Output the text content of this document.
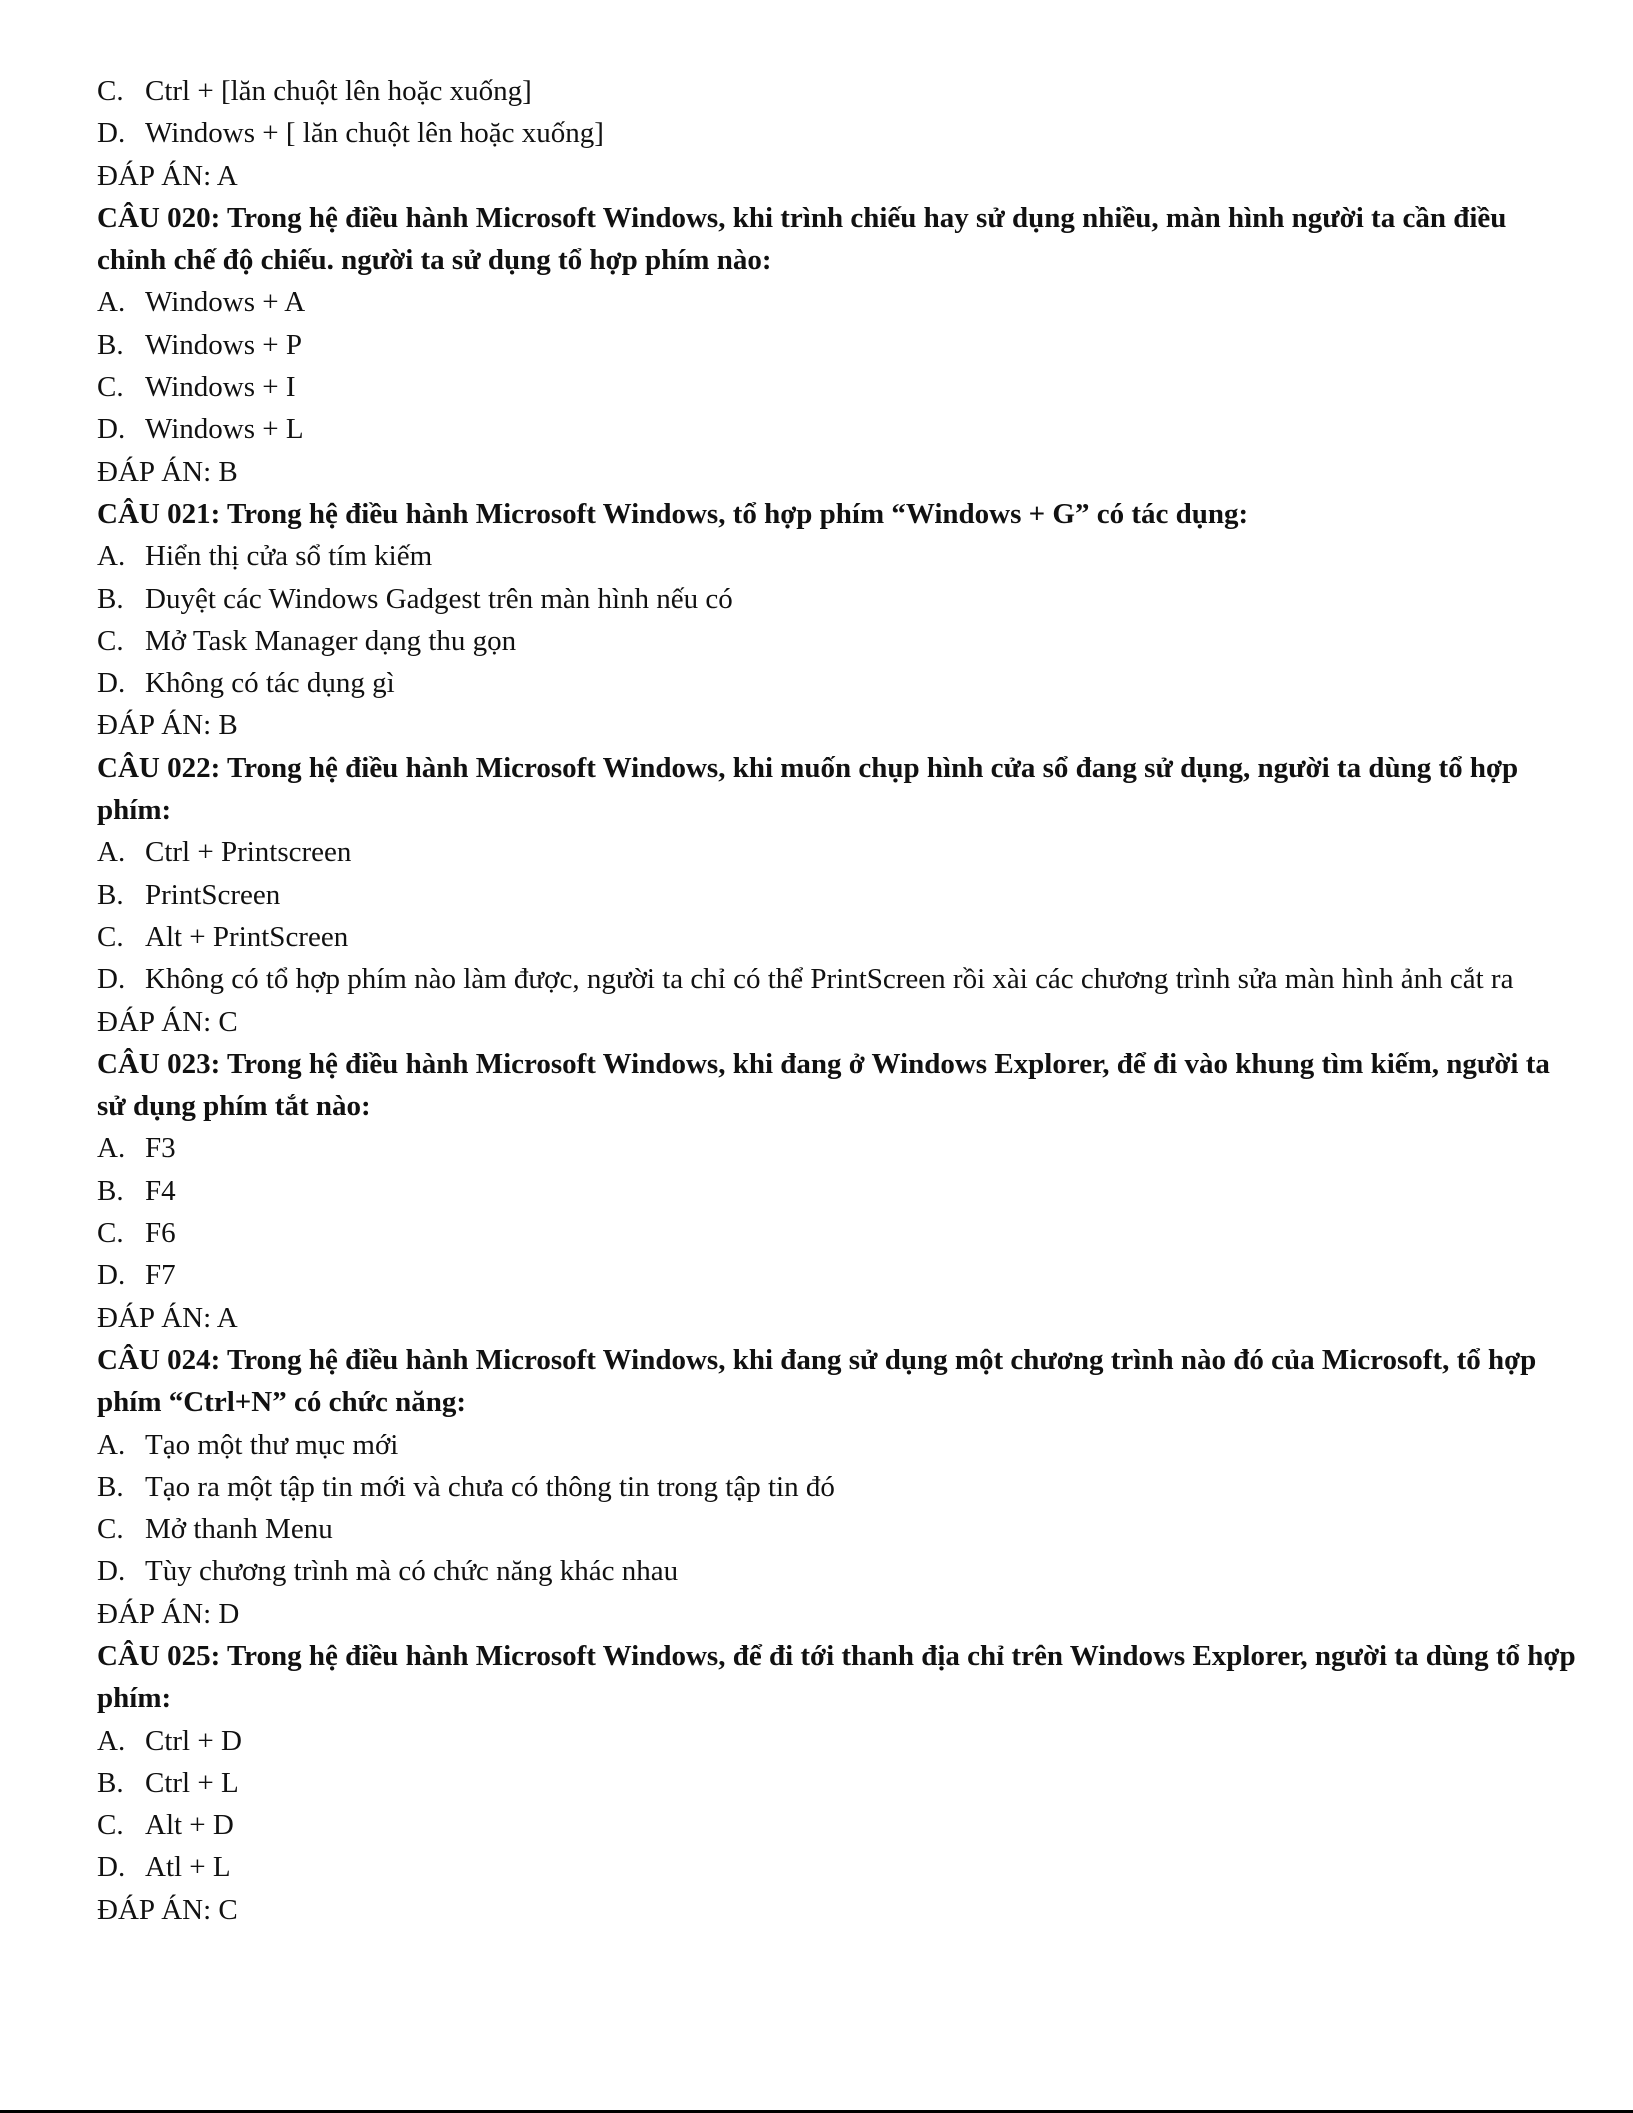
C. Ctrl + [lăn chuột lên hoặc xuống]
D. Windows + [ lăn chuột lên hoặc xuống]
ĐÁP ÁN: A
CÂU 020: Trong hệ điều hành Microsoft Windows, khi trình chiếu hay sử dụng nhiều, màn hình người ta cần điều chỉnh chế độ chiếu. người ta sử dụng tổ hợp phím nào:
A. Windows + A
B. Windows + P
C. Windows + I
D. Windows + L
ĐÁP ÁN: B
CÂU 021: Trong hệ điều hành Microsoft Windows, tổ hợp phím “Windows + G” có tác dụng:
A. Hiển thị cửa sổ tím kiếm
B. Duyệt các Windows Gadgest trên màn hình nếu có
C. Mở Task Manager dạng thu gọn
D. Không có tác dụng gì
ĐÁP ÁN: B
CÂU 022: Trong hệ điều hành Microsoft Windows, khi muốn chụp hình cửa sổ đang sử dụng, người ta dùng tổ hợp phím:
A. Ctrl + Printscreen
B. PrintScreen
C. Alt + PrintScreen
D. Không có tổ hợp phím nào làm được, người ta chỉ có thể PrintScreen rồi xài các chương trình sửa màn hình ảnh cắt ra
ĐÁP ÁN: C
CÂU 023: Trong hệ điều hành Microsoft Windows, khi đang ở Windows Explorer, để đi vào khung tìm kiếm, người ta sử dụng phím tắt nào:
A. F3
B. F4
C. F6
D. F7
ĐÁP ÁN: A
CÂU 024: Trong hệ điều hành Microsoft Windows, khi đang sử dụng một chương trình nào đó của Microsoft, tổ hợp phím “Ctrl+N” có chức năng:
A. Tạo một thư mục mới
B. Tạo ra một tập tin mới và chưa có thông tin trong tập tin đó
C. Mở thanh Menu
D. Tùy chương trình mà có chức năng khác nhau
ĐÁP ÁN: D
CÂU 025: Trong hệ điều hành Microsoft Windows, để đi tới thanh địa chỉ trên Windows Explorer, người ta dùng tổ hợp phím:
A. Ctrl + D
B. Ctrl + L
C. Alt + D
D. Atl + L
ĐÁP ÁN: C
